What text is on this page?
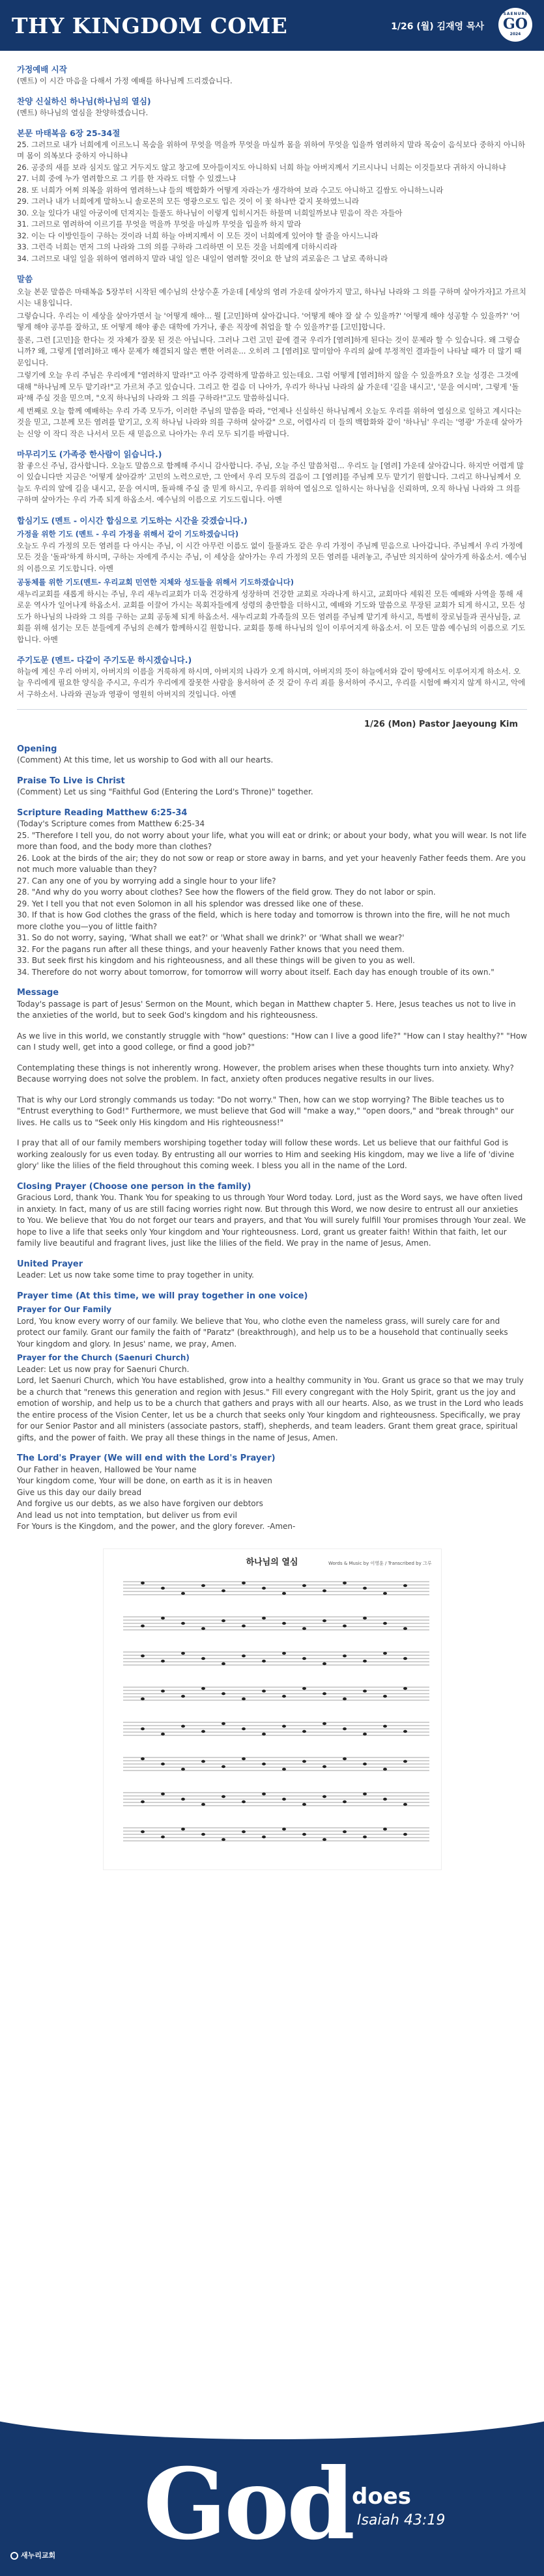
THY KINGDOM COME	1/26 (월) 김재영 목사
SAENURI
GO
2024
가정예배 시작

(멘트) 이 시간 마음을 다해서 가정 예배를 하나님께 드리겠습니다.

찬양 신실하신 하나님(하나님의 열심)

(멘트) 하나님의 열심을 찬양하겠습니다.

본문 마태복음 6장 25-34절

25. 그러므로 내가 너희에게 이르노니 목숨을 위하여 무엇을 먹을까 무엇을 마실까 몸을 위하여 무엇을 입을까 염려하지 말라 목숨이 음식보다 중하지 아니하며 몸이 의복보다 중하지 아니하냐

26. 공중의 새를 보라 심지도 않고 거두지도 않고 창고에 모아들이지도 아니하되 너희 하늘 아버지께서 기르시나니 너희는 이것들보다 귀하지 아니하냐

27. 너희 중에 누가 염려함으로 그 키를 한 자라도 더할 수 있겠느냐

28. 또 너희가 어찌 의복을 위하여 염려하느냐 들의 백합화가 어떻게 자라는가 생각하여 보라 수고도 아니하고 길쌈도 아니하느니라

29. 그러나 내가 너희에게 말하노니 솔로몬의 모든 영광으로도 입은 것이 이 꽃 하나만 같지 못하였느니라

30. 오늘 있다가 내일 아궁이에 던져지는 들풀도 하나님이 이렇게 입히시거든 하물며 너희일까보냐 믿음이 작은 자들아

31. 그러므로 염려하여 이르기를 무엇을 먹을까 무엇을 마실까 무엇을 입을까 하지 말라

32. 이는 다 이방인들이 구하는 것이라 너희 하늘 아버지께서 이 모든 것이 너희에게 있어야 할 줄을 아시느니라

33. 그런즉 너희는 먼저 그의 나라와 그의 의를 구하라 그리하면 이 모든 것을 너희에게 더하시리라

34. 그러므로 내일 일을 위하여 염려하지 말라 내일 일은 내일이 염려할 것이요 한 날의 괴로움은 그 날로 족하니라

말씀

오늘 본문 말씀은 마태복음 5장부터 시작된 예수님의 산상수훈 가운데 [세상의 염려 가운데 살아가지 말고, 하나님 나라와 그 의를 구하며 살아가자]고 가르치시는 내용입니다.

그렇습니다. 우리는 이 세상을 살아가면서 늘 '어떻게 해야... 뭘 [고민]하며 살아갑니다. '어떻게 해야 잘 살 수 있을까?' '어떻게 해야 성공할 수 있을까?' '어떻게 해야 공부를 잘하고, 또 어떻게 해야 좋은 대학에 가거나, 좋은 직장에 취업을 할 수 있을까?'를 [고민]합니다.

물론, 그런 [고민]을 한다는 것 자체가 잘못 된 것은 아닙니다. 그러나 그런 고민 끝에 결국 우리가 [염려]하게 된다는 것이 문제라 할 수 있습니다. 왜 그렇습니까? 왜, 그렇게 [염려]하고 매사 문제가 해결되지 않은 뻔한 어려운... 오히려 그 [염려]로 말미암아 우리의 삶에 부정적인 결과들이 나타날 때가 더 많기 때문입니다.

그렇기에 오늘 우리 주님은 우리에게 "염려하지 말라!"고 아주 강력하게 말씀하고 있는데요. 그럼 어떻게 [염려]하지 않을 수 있을까요? 오늘 성경은 그것에 대해 "하나님께 모두 맡기라!"고 가르쳐 주고 있습니다. 그리고 한 걸음 더 나아가, 우리가 하나님 나라의 삶 가운데 '길을 내시고', '문을 여시며', 그렇게 '돌파'해 주실 것을 믿으며, "오직 하나님의 나라와 그 의를 구하라!"고도 말씀하십니다.

세 번째로 오늘 함께 예배하는 우리 가족 모두가, 이러한 주님의 말씀을 따라, "언제나 신실하신 하나님께서 오늘도 우리를 위하여 열심으로 일하고 계시다는 것을 믿고, 그분께 모든 염려를 맡기고, 오직 하나님 나라와 의를 구하며 살아갈" 으로, 어렵사리 더 들의 백합화와 같이 '하나님' 우리는 '영광' 가운데 살아가는 신앙 이 작디 작은 나서서 모든 새 믿음으로 나아가는 우리 모두 되기를 바랍니다.

마무리기도 (가족중 한사람이 읽습니다.)

참 좋으신 주님, 감사합니다. 오늘도 말씀으로 함께해 주시니 감사합니다. 주님, 오늘 주신 말씀처럼... 우리도 늘 [염려] 가운데 살아갑니다. 하지만 어렵게 많이 있습니다만 지금은 '어떻게 살아갈까' 고민의 노력으로만, 그 안에서 우리 모두의 걸음이 그 [염려]를 주님께 모두 맡기기 원합니다. 그리고 하나님께서 오늘도 우리의 앞에 길을 내시고, 문을 여시며, 돌파해 주실 줄 믿게 하시고, 우리를 위하여 열심으로 일하시는 하나님을 신뢰하며, 오직 하나님 나라와 그 의를 구하며 살아가는 우리 가족 되게 하옵소서. 예수님의 이름으로 기도드립니다. 아멘

합심기도 (멘트 - 이시간 합심으로 기도하는 시간을 갖겠습니다.)

가정을 위한 기도 (멘트 - 우리 가정을 위해서 같이 기도하겠습니다)

오늘도 우리 가정의 모든 염려를 다 아시는 주님, 이 시간 아무런 이름도 없이 들풀과도 같은 우리 가정이 주님께 믿음으로 나아갑니다. 주님께서 우리 가정에 모든 것을 '돌파'하게 하시며, 구하는 자에게 주시는 주님, 이 세상을 살아가는 우리 가정의 모든 염려를 내려놓고, 주님만 의지하여 살아가게 하옵소서. 예수님의 이름으로 기도합니다. 아멘

공동체를 위한 기도(멘트- 우리교회 민연한 지체와 성도들을 위해서 기도하겠습니다)

새누리교회를 새롭게 하시는 주님, 우리 새누리교회가 더욱 건강하게 성장하며 건강한 교회로 자라나게 하시고, 교회마다 세워진 모든 예배와 사역을 통해 새로운 역사가 일어나게 하옵소서. 교회를 이끌어 가시는 목회자들에게 성령의 충만함을 더하시고, 예배와 기도와 말씀으로 무장된 교회가 되게 하시고, 모든 성도가 하나님의 나라와 그 의를 구하는 교회 공동체 되게 하옵소서. 새누리교회 가족들의 모든 염려를 주님께 맡기게 하시고, 특별히 장로님들과 권사님들, 교회를 위해 섬기는 모든 분들에게 주님의 은혜가 함께하시길 원합니다. 교회를 통해 하나님의 일이 이루어지게 하옵소서. 이 모든 말씀 예수님의 이름으로 기도합니다. 아멘

주기도문 (멘트- 다같이 주기도문 하시겠습니다.)

하늘에 계신 우리 아버지, 아버지의 이름을 거룩하게 하시며, 아버지의 나라가 오게 하시며, 아버지의 뜻이 하늘에서와 같이 땅에서도 이루어지게 하소서. 오늘 우리에게 필요한 양식을 주시고, 우리가 우리에게 잘못한 사람을 용서하여 준 것 같이 우리 죄를 용서하여 주시고, 우리를 시험에 빠지지 않게 하시고, 악에서 구하소서. 나라와 권능과 영광이 영원히 아버지의 것입니다. 아멘

1/26 (Mon) Pastor Jaeyoung Kim
Opening

(Comment) At this time, let us worship to God with all our hearts.

Praise To Live is Christ

(Comment) Let us sing "Faithful God (Entering the Lord's Throne)" together.

Scripture Reading Matthew 6:25-34

(Today's Scripture comes from Matthew 6:25-34

25. "Therefore I tell you, do not worry about your life, what you will eat or drink; or about your body, what you will wear. Is not life more than food, and the body more than clothes?

26. Look at the birds of the air; they do not sow or reap or store away in barns, and yet your heavenly Father feeds them. Are you not much more valuable than they?

27. Can any one of you by worrying add a single hour to your life?

28. "And why do you worry about clothes? See how the flowers of the field grow. They do not labor or spin.

29. Yet I tell you that not even Solomon in all his splendor was dressed like one of these.

30. If that is how God clothes the grass of the field, which is here today and tomorrow is thrown into the fire, will he not much more clothe you—you of little faith?

31. So do not worry, saying, 'What shall we eat?' or 'What shall we drink?' or 'What shall we wear?'

32. For the pagans run after all these things, and your heavenly Father knows that you need them.

33. But seek first his kingdom and his righteousness, and all these things will be given to you as well.

34. Therefore do not worry about tomorrow, for tomorrow will worry about itself. Each day has enough trouble of its own."

Message

Today's passage is part of Jesus' Sermon on the Mount, which began in Matthew chapter 5. Here, Jesus teaches us not to live in the anxieties of the world, but to seek God's kingdom and his righteousness.

As we live in this world, we constantly struggle with "how" questions: "How can I live a good life?" "How can I stay healthy?" "How can I study well, get into a good college, or find a good job?"

Contemplating these things is not inherently wrong. However, the problem arises when these thoughts turn into anxiety. Why? Because worrying does not solve the problem. In fact, anxiety often produces negative results in our lives.

That is why our Lord strongly commands us today: "Do not worry." Then, how can we stop worrying? The Bible teaches us to "Entrust everything to God!" Furthermore, we must believe that God will "make a way," "open doors," and "break through" our lives. He calls us to "Seek only His kingdom and His righteousness!"

I pray that all of our family members worshiping together today will follow these words. Let us believe that our faithful God is working zealously for us even today. By entrusting all our worries to Him and seeking His kingdom, may we live a life of 'divine glory' like the lilies of the field throughout this coming week. I bless you all in the name of the Lord.

Closing Prayer (Choose one person in the family)

Gracious Lord, thank You. Thank You for speaking to us through Your Word today. Lord, just as the Word says, we have often lived in anxiety. In fact, many of us are still facing worries right now. But through this Word, we now desire to entrust all our anxieties to You. We believe that You do not forget our tears and prayers, and that You will surely fulfill Your promises through Your zeal. We hope to live a life that seeks only Your kingdom and Your righteousness. Lord, grant us greater faith! Within that faith, let our family live beautiful and fragrant lives, just like the lilies of the field. We pray in the name of Jesus, Amen.

United Prayer

Leader: Let us now take some time to pray together in unity.

Prayer time (At this time, we will pray together in one voice)

Prayer for Our Family

Lord, You know every worry of our family. We believe that You, who clothe even the nameless grass, will surely care for and protect our family. Grant our family the faith of "Paratz" (breakthrough), and help us to be a household that continually seeks Your kingdom and glory. In Jesus' name, we pray, Amen.

Prayer for the Church (Saenuri Church)

Leader: Let us now pray for Saenuri Church.

Lord, let Saenuri Church, which You have established, grow into a healthy community in You. Grant us grace so that we may truly be a church that "renews this generation and region with Jesus." Fill every congregant with the Holy Spirit, grant us the joy and emotion of worship, and help us to be a church that gathers and prays with all our hearts. Also, as we trust in the Lord who leads the entire process of the Vision Center, let us be a church that seeks only Your kingdom and righteousness. Specifically, we pray for our Senior Pastor and all ministers (associate pastors, staff), shepherds, and team leaders. Grant them great grace, spiritual gifts, and the power of faith. We pray all these things in the name of Jesus, Amen.

The Lord's Prayer (We will end with the Lord's Prayer)

Our Father in heaven, Hallowed be Your name

Your kingdom come, Your will be done, on earth as it is in heaven

Give us this day our daily bread

And forgive us our debts, as we also have forgiven our debtors

And lead us not into temptation, but deliver us from evil

For Yours is the Kingdom, and the power, and the glory forever. -Amen-

하나님의 열심	Words & Music by 이영훈 / Transcribed by 그루
God
does
Isaiah 43:19
새누리교회
